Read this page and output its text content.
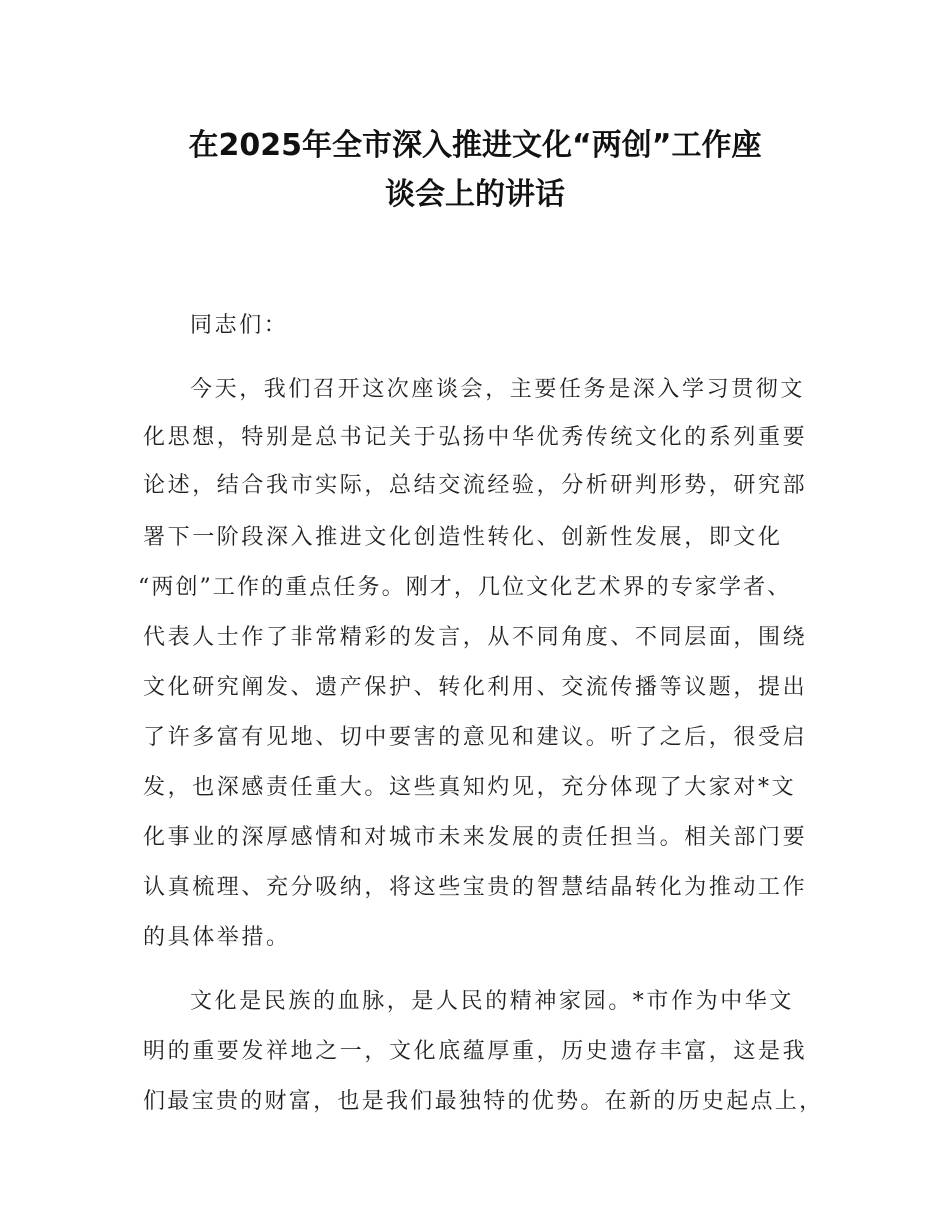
在2025年全市深入推进文化“两创”工作座
谈会上的讲话
同志们：
今天，我们召开这次座谈会，主要任务是深入学习贯彻文
化思想，特别是总书记关于弘扬中华优秀传统文化的系列重要
论述，结合我市实际，总结交流经验，分析研判形势，研究部
署下一阶段深入推进文化创造性转化、创新性发展，即文化
“两创”工作的重点任务。刚才，几位文化艺术界的专家学者、
代表人士作了非常精彩的发言，从不同角度、不同层面，围绕
文化研究阐发、遗产保护、转化利用、交流传播等议题，提出
了许多富有见地、切中要害的意见和建议。听了之后，很受启
发，也深感责任重大。这些真知灼见，充分体现了大家对*文
化事业的深厚感情和对城市未来发展的责任担当。相关部门要
认真梳理、充分吸纳，将这些宝贵的智慧结晶转化为推动工作
的具体举措。
文化是民族的血脉，是人民的精神家园。*市作为中华文
明的重要发祥地之一，文化底蕴厚重，历史遗存丰富，这是我
们最宝贵的财富，也是我们最独特的优势。在新的历史起点上，
